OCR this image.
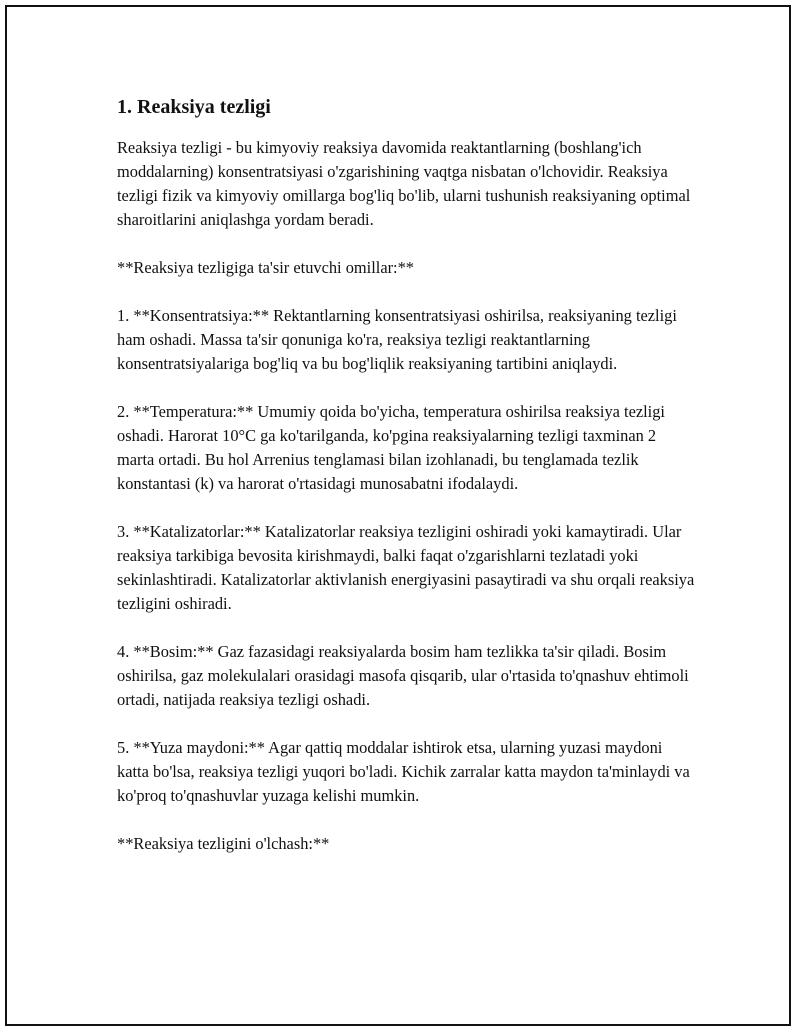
1. Reaksiya tezligi

Reaksiya tezligi - bu kimyoviy reaksiya davomida reaktantlarning (boshlang'ich moddalarning) konsentratsiyasi o'zgarishining vaqtga nisbatan o'lchovidir. Reaksiya tezligi fizik va kimyoviy omillarga bog'liq bo'lib, ularni tushunish reaksiyaning optimal sharoitlarini aniqlashga yordam beradi.

**Reaksiya tezligiga ta'sir etuvchi omillar:**

1. **Konsentratsiya:** Rektantlarning konsentratsiyasi oshirilsa, reaksiyaning tezligi ham oshadi. Massa ta'sir qonuniga ko'ra, reaksiya tezligi reaktantlarning konsentratsiyalariga bog'liq va bu bog'liqlik reaksiyaning tartibini aniqlaydi.

2. **Temperatura:** Umumiy qoida bo'yicha, temperatura oshirilsa reaksiya tezligi oshadi. Harorat 10°C ga ko'tarilganda, ko'pgina reaksiyalarning tezligi taxminan 2 marta ortadi. Bu hol Arrenius tenglamasi bilan izohlanadi, bu tenglamada tezlik konstantasi (k) va harorat o'rtasidagi munosabatni ifodalaydi.

3. **Katalizatorlar:** Katalizatorlar reaksiya tezligini oshiradi yoki kamaytiradi. Ular reaksiya tarkibiga bevosita kirishmaydi, balki faqat o'zgarishlarni tezlatadi yoki sekinlashtiradi. Katalizatorlar aktivlanish energiyasini pasaytiradi va shu orqali reaksiya tezligini oshiradi.

4. **Bosim:** Gaz fazasidagi reaksiyalarda bosim ham tezlikka ta'sir qiladi. Bosim oshirilsa, gaz molekulalari orasidagi masofa qisqarib, ular o'rtasida to'qnashuv ehtimoli ortadi, natijada reaksiya tezligi oshadi.

5. **Yuza maydoni:** Agar qattiq moddalar ishtirok etsa, ularning yuzasi maydoni katta bo'lsa, reaksiya tezligi yuqori bo'ladi. Kichik zarralar katta maydon ta'minlaydi va ko'proq to'qnashuvlar yuzaga kelishi mumkin.

**Reaksiya tezligini o'lchash:**
